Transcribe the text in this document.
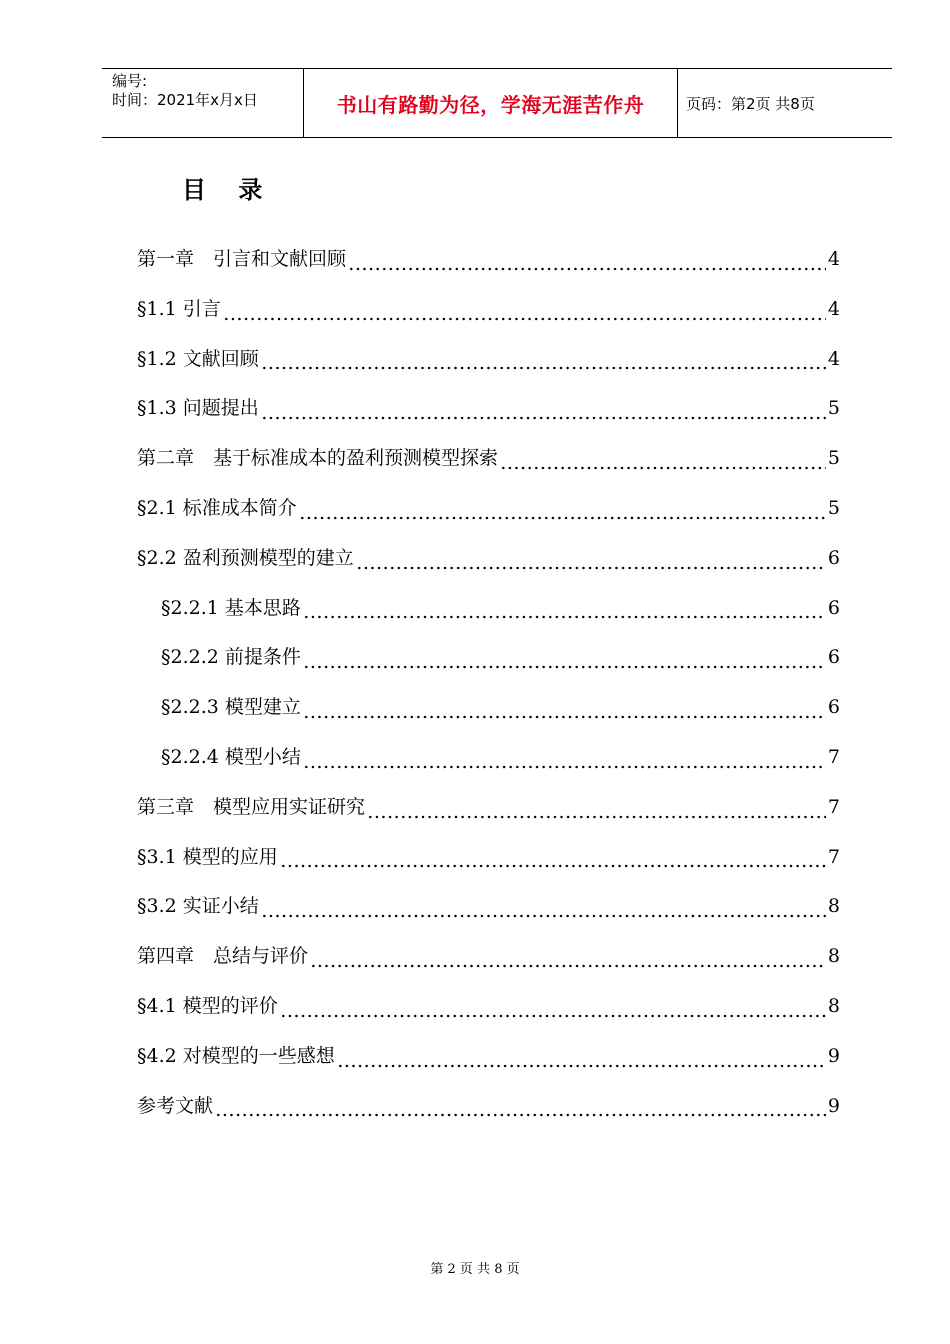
编号:
时间：2021年x月x日	书山有路勤为径，学海无涯苦作舟	页码：第2页 共8页
目 录
第一章　引言和文献回顾	4
§1.1 引言	4
§1.2 文献回顾	4
§1.3 问题提出	5
第二章　基于标准成本的盈利预测模型探索	5
§2.1 标准成本简介	5
§2.2 盈利预测模型的建立	6
§2.2.1 基本思路	6
§2.2.2 前提条件	6
§2.2.3 模型建立	6
§2.2.4 模型小结	7
第三章　模型应用实证研究	7
§3.1 模型的应用	7
§3.2 实证小结	8
第四章　总结与评价	8
§4.1 模型的评价	8
§4.2 对模型的一些感想	9
参考文献	9
第 2 页 共 8 页
